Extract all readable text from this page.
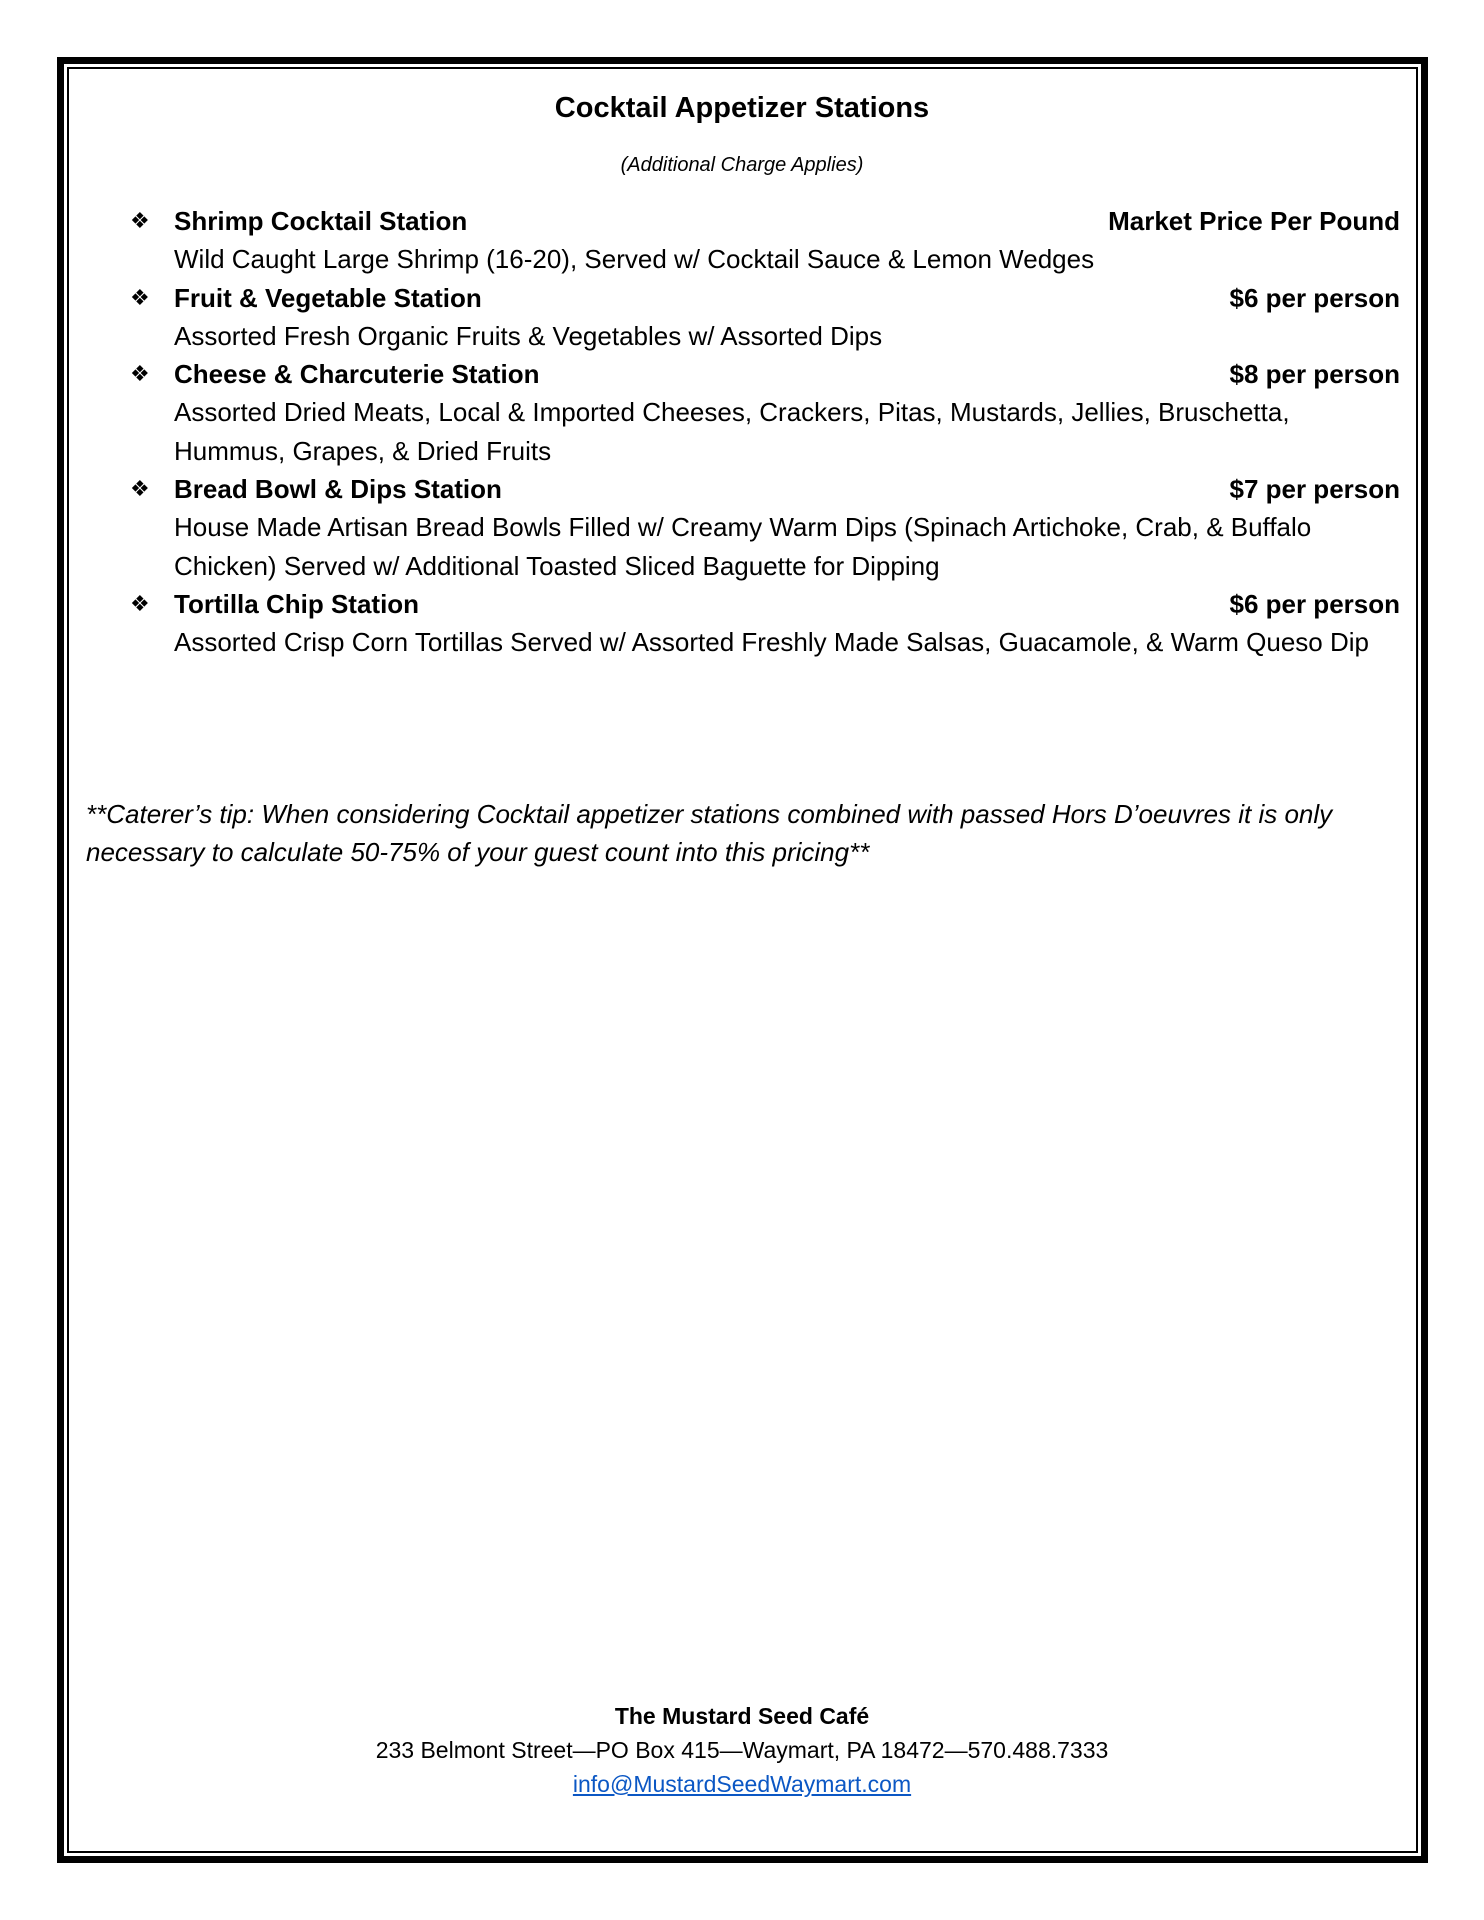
Cocktail Appetizer Stations
(Additional Charge Applies)
❖ Shrimp Cocktail Station	Market Price Per Pound
Wild Caught Large Shrimp (16-20), Served w/ Cocktail Sauce & Lemon Wedges
❖ Fruit & Vegetable Station	$6 per person
Assorted Fresh Organic Fruits & Vegetables w/ Assorted Dips
❖ Cheese & Charcuterie Station	$8 per person
Assorted Dried Meats, Local & Imported Cheeses, Crackers, Pitas, Mustards, Jellies, Bruschetta, Hummus, Grapes, & Dried Fruits
❖ Bread Bowl & Dips Station	$7 per person
House Made Artisan Bread Bowls Filled w/ Creamy Warm Dips (Spinach Artichoke, Crab, & Buffalo Chicken) Served w/ Additional Toasted Sliced Baguette for Dipping
❖ Tortilla Chip Station	$6 per person
Assorted Crisp Corn Tortillas Served w/ Assorted Freshly Made Salsas, Guacamole, & Warm Queso Dip
**Caterer’s tip: When considering Cocktail appetizer stations combined with passed Hors D’oeuvres it is only necessary to calculate 50-75% of your guest count into this pricing**
The Mustard Seed Café
233 Belmont Street—PO Box 415—Waymart, PA 18472—570.488.7333
info@MustardSeedWaymart.com
